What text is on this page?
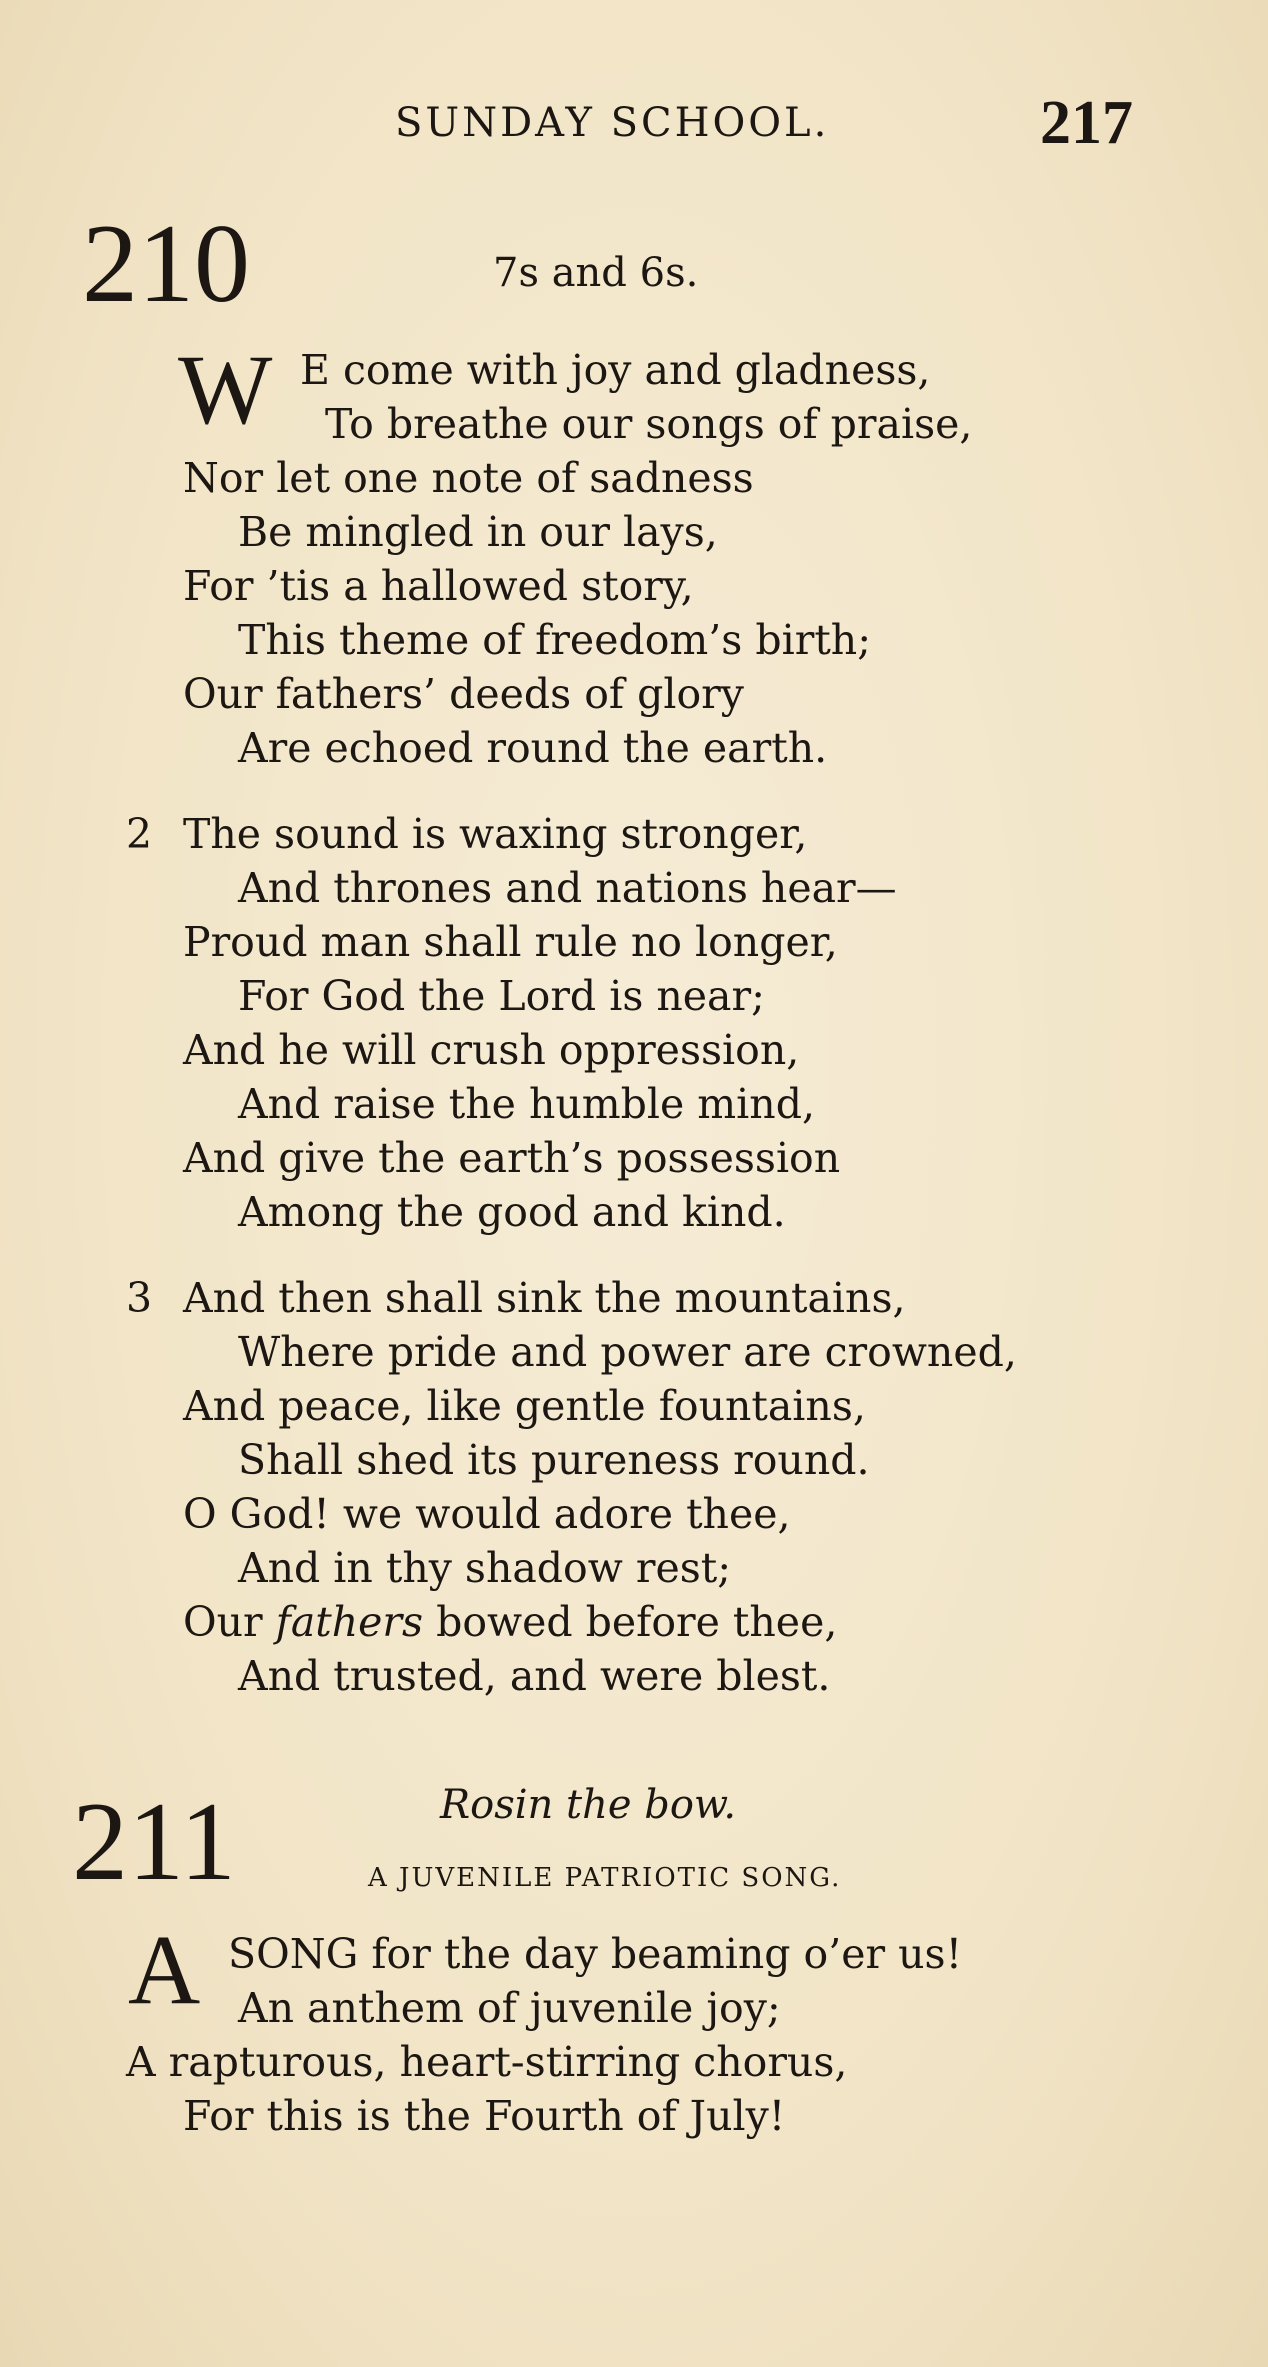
SUNDAY SCHOOL.	217
210	7s and 6s.
W E come with joy and gladness,
To breathe our songs of praise,
Nor let one note of sadness
Be mingled in our lays,
For ’tis a hallowed story,
This theme of freedom’s birth;
Our fathers’ deeds of glory
Are echoed round the earth.
2 The sound is waxing stronger,
And thrones and nations hear—
Proud man shall rule no longer,
For God the Lord is near;
And he will crush oppression,
And raise the humble mind,
And give the earth’s possession
Among the good and kind.
3 And then shall sink the mountains,
Where pride and power are crowned,
And peace, like gentle fountains,
Shall shed its pureness round.
O God! we would adore thee,
And in thy shadow rest;
Our fathers bowed before thee,
And trusted, and were blest.
211	Rosin the bow.
A JUVENILE PATRIOTIC SONG.
A SONG for the day beaming o’er us!
An anthem of juvenile joy;
A rapturous, heart-stirring chorus,
For this is the Fourth of July!
